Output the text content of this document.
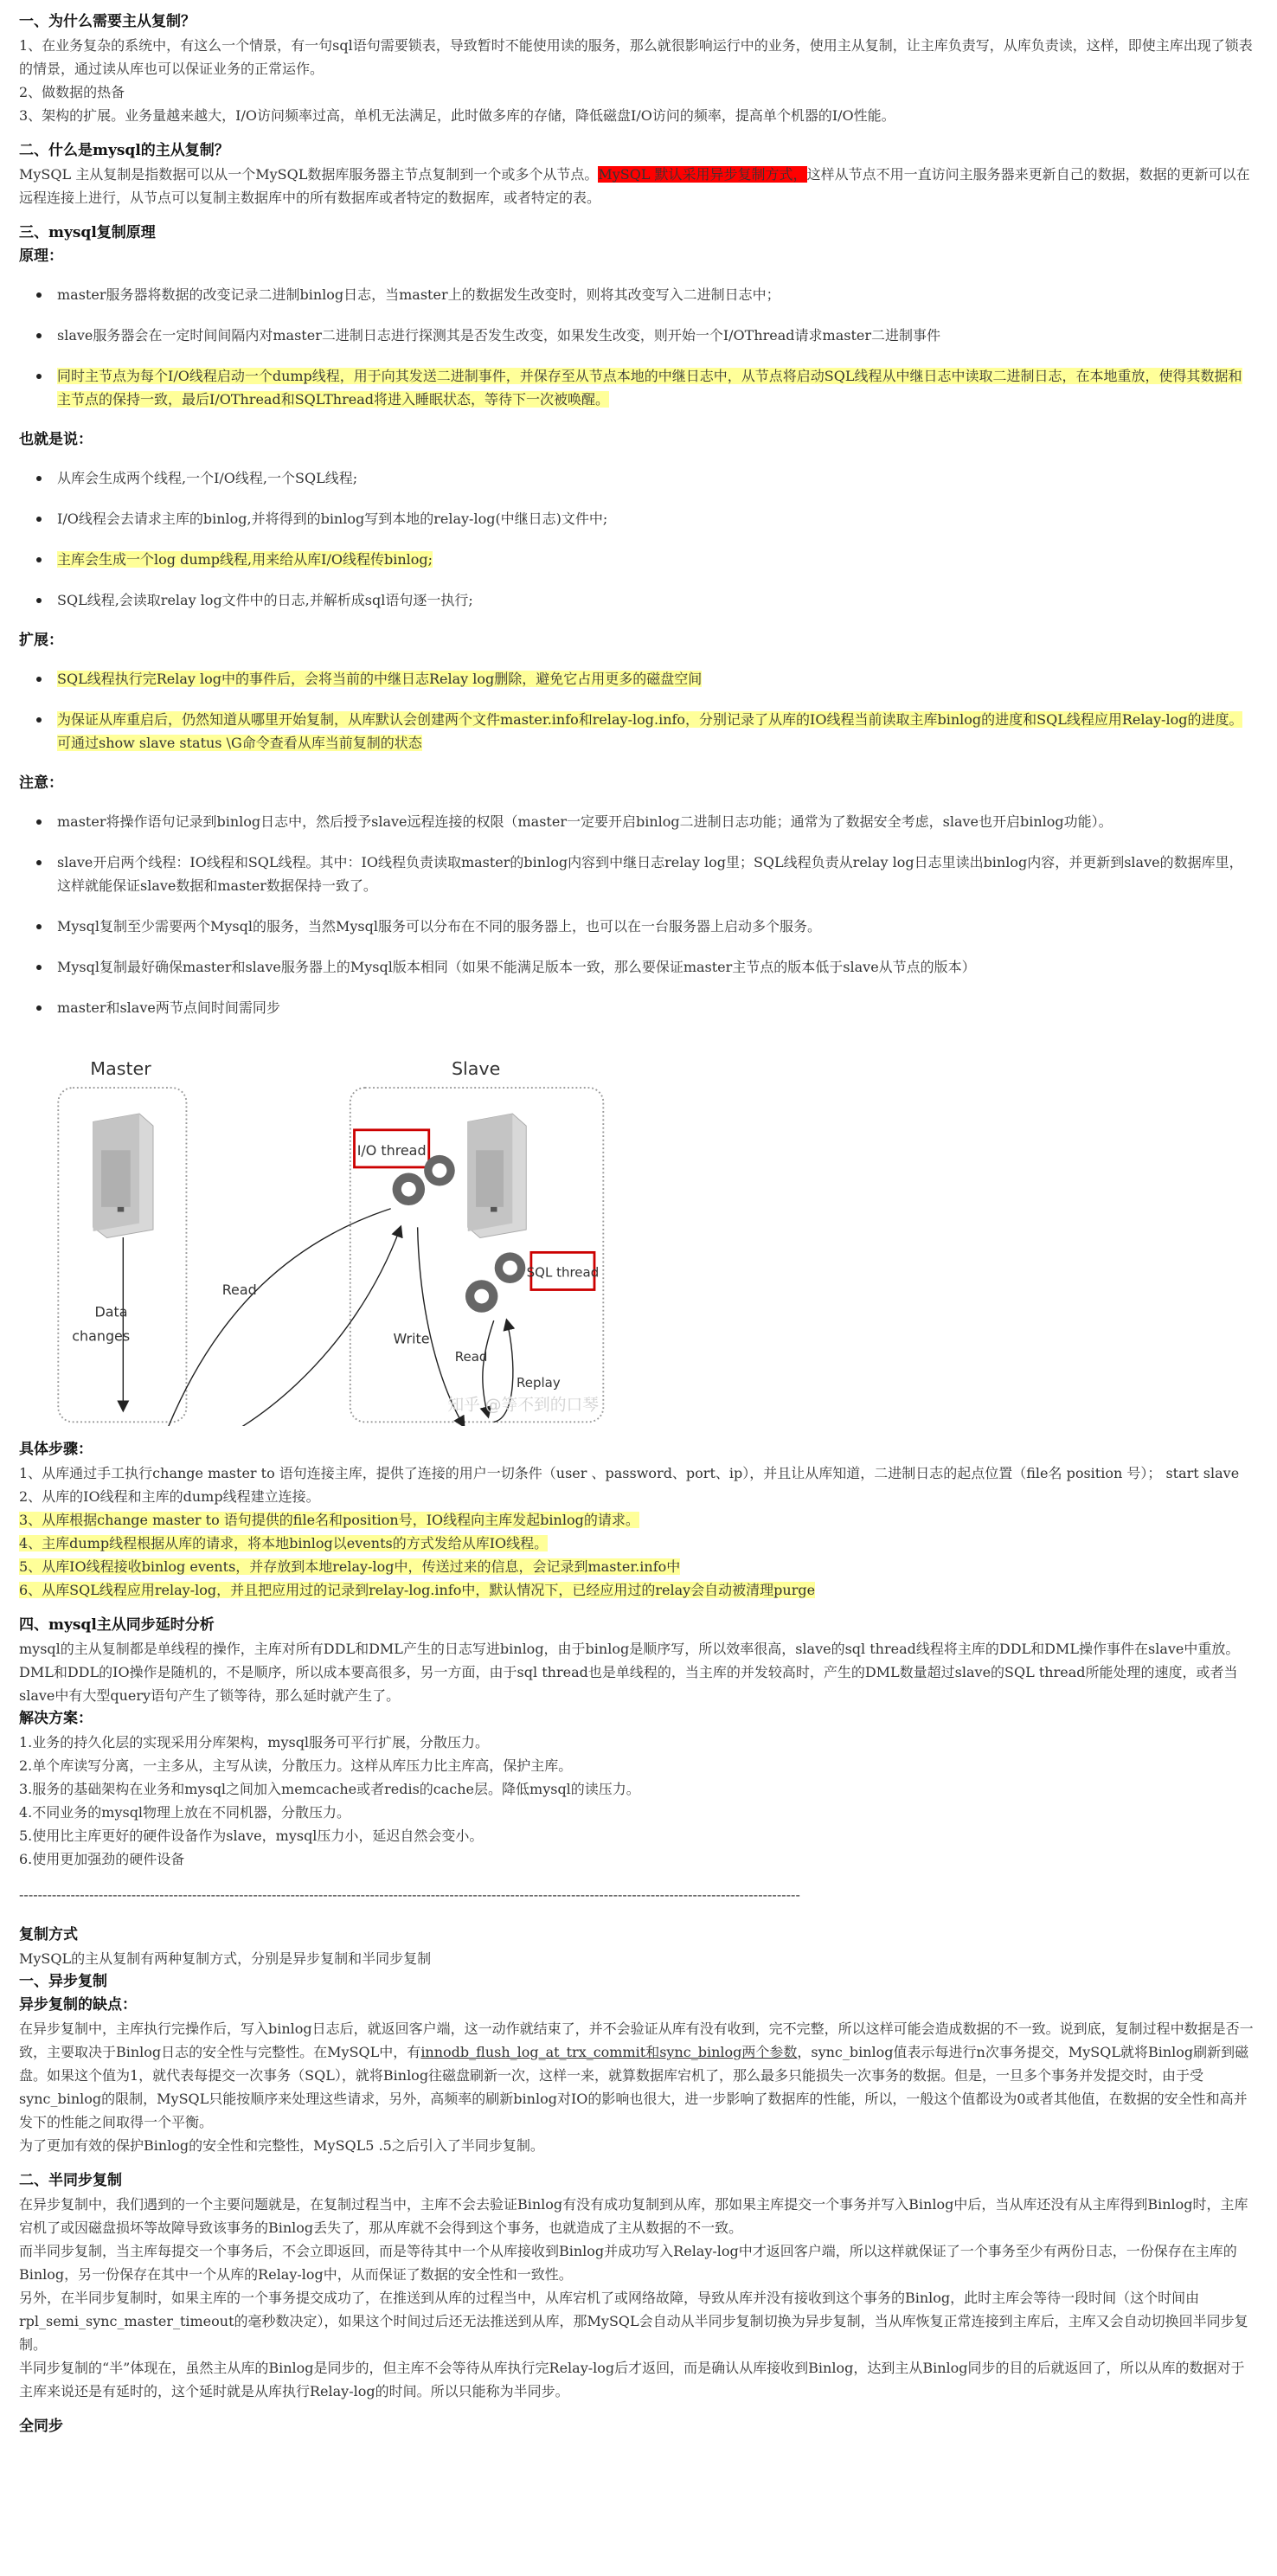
一、为什么需要主从复制？

1、在业务复杂的系统中，有这么一个情景，有一句sql语句需要锁表，导致暂时不能使用读的服务，那么就很影响运行中的业务，使用主从复制，让主库负责写，从库负责读，这样，即使主库出现了锁表的情景，通过读从库也可以保证业务的正常运作。

2、做数据的热备

3、架构的扩展。业务量越来越大，I/O访问频率过高，单机无法满足，此时做多库的存储，降低磁盘I/O访问的频率，提高单个机器的I/O性能。

二、什么是mysql的主从复制？

MySQL 主从复制是指数据可以从一个MySQL数据库服务器主节点复制到一个或多个从节点。MySQL 默认采用异步复制方式，这样从节点不用一直访问主服务器来更新自己的数据，数据的更新可以在远程连接上进行，从节点可以复制主数据库中的所有数据库或者特定的数据库，或者特定的表。

三、mysql复制原理

原理：

master服务器将数据的改变记录二进制binlog日志，当master上的数据发生改变时，则将其改变写入二进制日志中；
slave服务器会在一定时间间隔内对master二进制日志进行探测其是否发生改变，如果发生改变，则开始一个I/OThread请求master二进制事件
同时主节点为每个I/O线程启动一个dump线程，用于向其发送二进制事件，并保存至从节点本地的中继日志中，从节点将启动SQL线程从中继日志中读取二进制日志，在本地重放，使得其数据和主节点的保持一致，最后I/OThread和SQLThread将进入睡眠状态，等待下一次被唤醒。

也就是说：

从库会生成两个线程,一个I/O线程,一个SQL线程;
I/O线程会去请求主库的binlog,并将得到的binlog写到本地的relay-log(中继日志)文件中;
主库会生成一个log dump线程,用来给从库I/O线程传binlog;
SQL线程,会读取relay log文件中的日志,并解析成sql语句逐一执行;

扩展：

SQL线程执行完Relay log中的事件后，会将当前的中继日志Relay log删除，避免它占用更多的磁盘空间
为保证从库重启后，仍然知道从哪里开始复制，从库默认会创建两个文件master.info和relay-log.info，分别记录了从库的IO线程当前读取主库binlog的进度和SQL线程应用Relay-log的进度。可通过show slave status \G命令查看从库当前复制的状态

注意：

master将操作语句记录到binlog日志中，然后授予slave远程连接的权限（master一定要开启binlog二进制日志功能；通常为了数据安全考虑，slave也开启binlog功能）。
slave开启两个线程：IO线程和SQL线程。其中：IO线程负责读取master的binlog内容到中继日志relay log里；SQL线程负责从relay log日志里读出binlog内容，并更新到slave的数据库里，这样就能保证slave数据和master数据保持一致了。
Mysql复制至少需要两个Mysql的服务，当然Mysql服务可以分布在不同的服务器上，也可以在一台服务器上启动多个服务。
Mysql复制最好确保master和slave服务器上的Mysql版本相同（如果不能满足版本一致，那么要保证master主节点的版本低于slave从节点的版本）
master和slave两节点间时间需同步
Master	Slave
Data
changes
Read
I/O thread
SQL thread
Write
Read
Replay
知乎 @等不到的口琴

具体步骤：

1、从库通过手工执行change master to 语句连接主库，提供了连接的用户一切条件（user 、password、port、ip），并且让从库知道，二进制日志的起点位置（file名 position 号）； start slave

2、从库的IO线程和主库的dump线程建立连接。

3、从库根据change master to 语句提供的file名和position号，IO线程向主库发起binlog的请求。

4、主库dump线程根据从库的请求，将本地binlog以events的方式发给从库IO线程。

5、从库IO线程接收binlog events，并存放到本地relay-log中，传送过来的信息，会记录到master.info中

6、从库SQL线程应用relay-log，并且把应用过的记录到relay-log.info中，默认情况下，已经应用过的relay会自动被清理purge

四、mysql主从同步延时分析

mysql的主从复制都是单线程的操作，主库对所有DDL和DML产生的日志写进binlog，由于binlog是顺序写，所以效率很高，slave的sql thread线程将主库的DDL和DML操作事件在slave中重放。DML和DDL的IO操作是随机的，不是顺序，所以成本要高很多，另一方面，由于sql thread也是单线程的，当主库的并发较高时，产生的DML数量超过slave的SQL thread所能处理的速度，或者当slave中有大型query语句产生了锁等待，那么延时就产生了。

解决方案：

1.业务的持久化层的实现采用分库架构，mysql服务可平行扩展，分散压力。

2.单个库读写分离，一主多从，主写从读，分散压力。这样从库压力比主库高，保护主库。

3.服务的基础架构在业务和mysql之间加入memcache或者redis的cache层。降低mysql的读压力。

4.不同业务的mysql物理上放在不同机器，分散压力。

5.使用比主库更好的硬件设备作为slave，mysql压力小，延迟自然会变小。

6.使用更加强劲的硬件设备

-----------------------------------------------------------------------------------------------------------------------------------------------------------------------
复制方式

MySQL的主从复制有两种复制方式，分别是异步复制和半同步复制

一、异步复制

异步复制的缺点：

在异步复制中，主库执行完操作后，写入binlog日志后，就返回客户端，这一动作就结束了，并不会验证从库有没有收到，完不完整，所以这样可能会造成数据的不一致。说到底，复制过程中数据是否一致，主要取决于Binlog日志的安全性与完整性。在MySQL中，有innodb_flush_log_at_trx_commit和sync_binlog两个参数，sync_binlog值表示每进行n次事务提交，MySQL就将Binlog刷新到磁盘。如果这个值为1，就代表每提交一次事务（SQL），就将Binlog往磁盘刷新一次，这样一来，就算数据库宕机了，那么最多只能损失一次事务的数据。但是，一旦多个事务并发提交时，由于受sync_binlog的限制，MySQL只能按顺序来处理这些请求，另外，高频率的刷新binlog对IO的影响也很大，进一步影响了数据库的性能，所以，一般这个值都设为0或者其他值，在数据的安全性和高并发下的性能之间取得一个平衡。

为了更加有效的保护Binlog的安全性和完整性，MySQL5 .5之后引入了半同步复制。

二、半同步复制

在异步复制中，我们遇到的一个主要问题就是，在复制过程当中，主库不会去验证Binlog有没有成功复制到从库，那如果主库提交一个事务并写入Binlog中后，当从库还没有从主库得到Binlog时，主库宕机了或因磁盘损坏等故障导致该事务的Binlog丢失了，那从库就不会得到这个事务，也就造成了主从数据的不一致。

而半同步复制，当主库每提交一个事务后，不会立即返回，而是等待其中一个从库接收到Binlog并成功写入Relay-log中才返回客户端，所以这样就保证了一个事务至少有两份日志，一份保存在主库的Binlog，另一份保存在其中一个从库的Relay-log中，从而保证了数据的安全性和一致性。

另外，在半同步复制时，如果主库的一个事务提交成功了，在推送到从库的过程当中，从库宕机了或网络故障，导致从库并没有接收到这个事务的Binlog，此时主库会等待一段时间（这个时间由rpl_semi_sync_master_timeout的毫秒数决定），如果这个时间过后还无法推送到从库，那MySQL会自动从半同步复制切换为异步复制，当从库恢复正常连接到主库后，主库又会自动切换回半同步复制。

半同步复制的“半”体现在，虽然主从库的Binlog是同步的，但主库不会等待从库执行完Relay-log后才返回，而是确认从库接收到Binlog，达到主从Binlog同步的目的后就返回了，所以从库的数据对于主库来说还是有延时的，这个延时就是从库执行Relay-log的时间。所以只能称为半同步。

全同步
